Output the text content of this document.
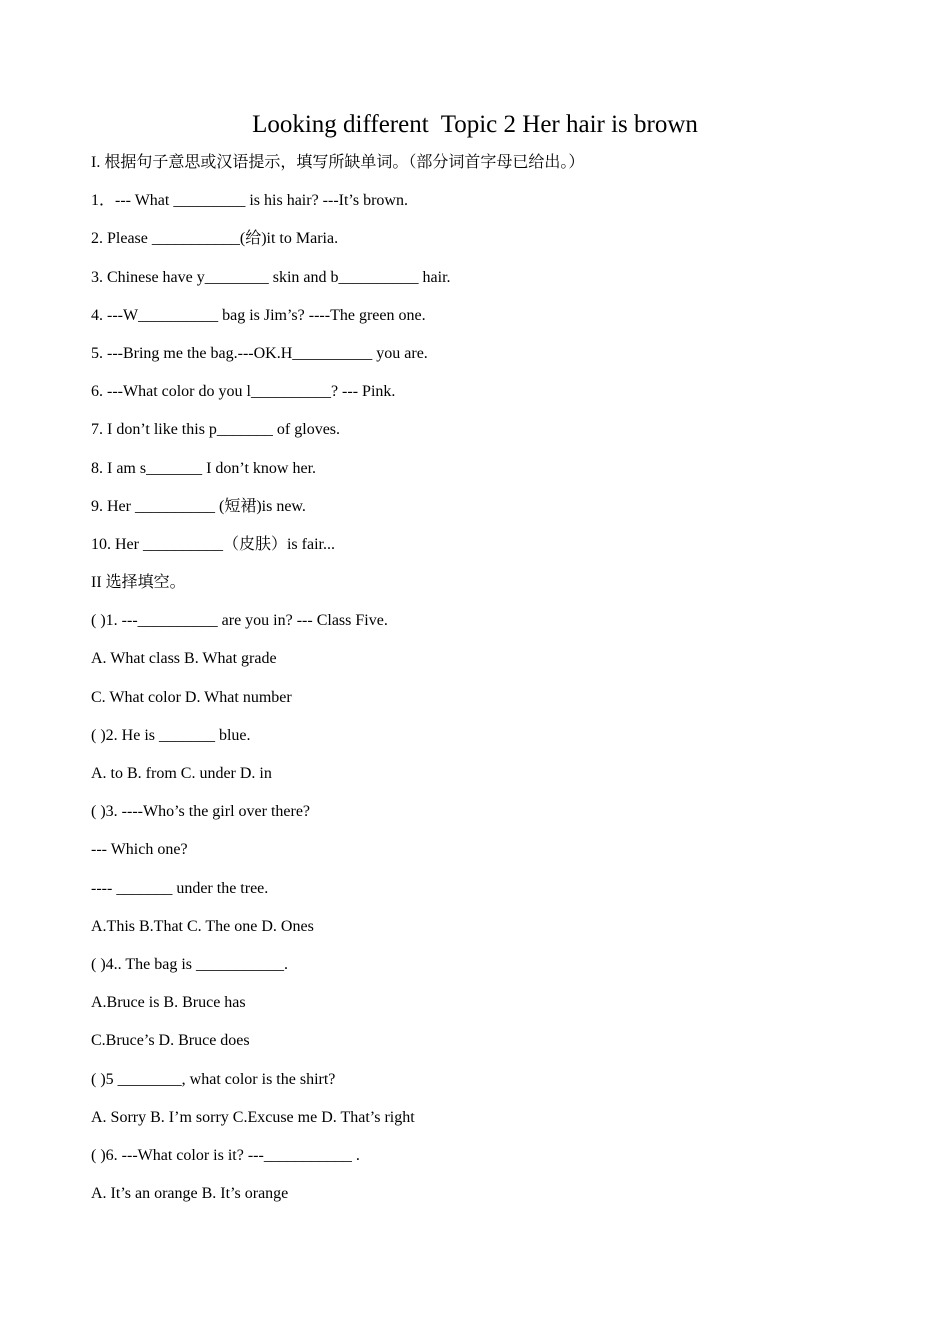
Looking different  Topic 2 Her hair is brown
I. 根据句子意思或汉语提示，填写所缺单词。（部分词首字母已给出。）
1．--- What _________ is his hair? ---It’s brown.
2. Please ___________(给)it to Maria.
3. Chinese have y________ skin and b__________ hair.
4. ---W__________ bag is Jim’s? ----The green one.
5. ---Bring me the bag.---OK.H__________ you are.
6. ---What color do you l__________? --- Pink.
7. I don’t like this p_______ of gloves.
8. I am s_______ I don’t know her.
9. Her __________ (短裙)is new.
10. Her __________（皮肤）is fair...
II 选择填空。
( )1. ---__________ are you in? --- Class Five.
A. What class B. What grade
C. What color D. What number
( )2. He is _______ blue.
A. to B. from C. under D. in
( )3. ----Who’s the girl over there?
--- Which one?
---- _______ under the tree.
A.This B.That C. The one D. Ones
( )4.. The bag is ___________.
A.Bruce is B. Bruce has
C.Bruce’s D. Bruce does
( )5 ________, what color is the shirt?
A. Sorry B. I’m sorry C.Excuse me D. That’s right
( )6. ---What color is it? ---___________ .
A. It’s an orange B. It’s orange
